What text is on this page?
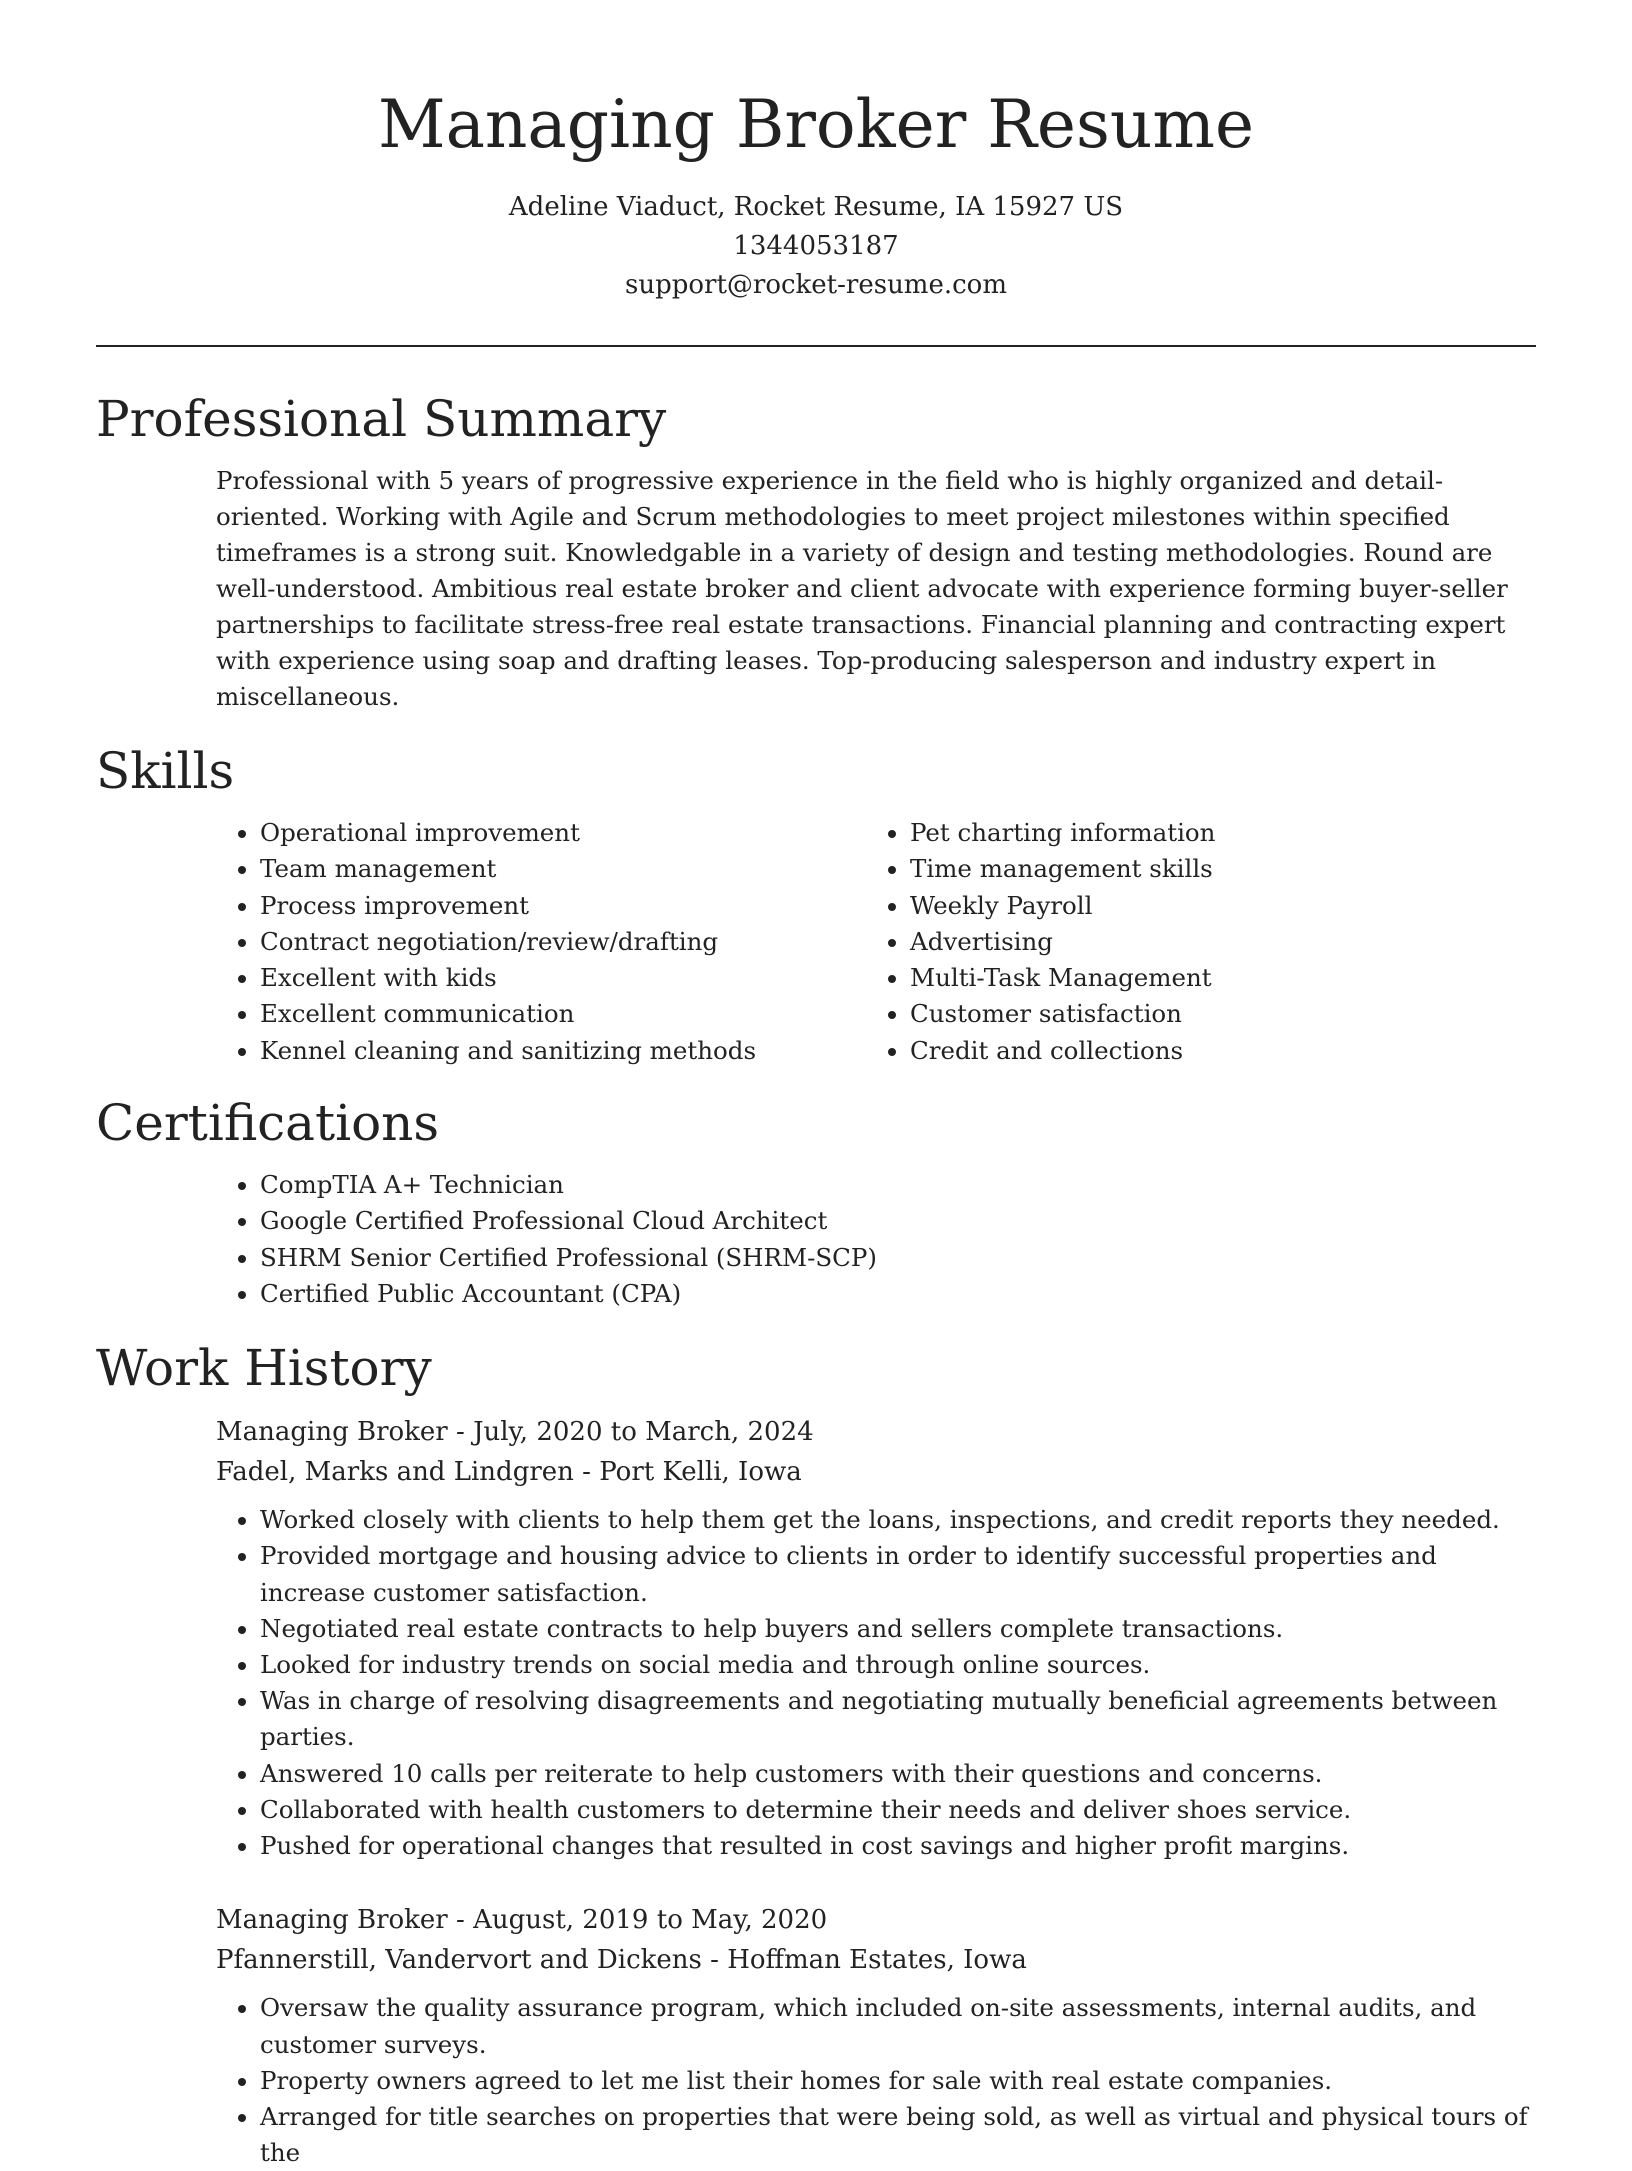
Managing Broker Resume
Adeline Viaduct, Rocket Resume, IA 15927 US
1344053187
support@rocket-resume.com
Professional Summary

Professional with 5 years of progressive experience in the field who is highly organized and detail-oriented. Working with Agile and Scrum methodologies to meet project milestones within specified timeframes is a strong suit. Knowledgable in a variety of design and testing methodologies. Round are well-understood. Ambitious real estate broker and client advocate with experience forming buyer-seller partnerships to facilitate stress-free real estate transactions. Financial planning and contracting expert with experience using soap and drafting leases. Top-producing salesperson and industry expert in miscellaneous.

Skills
• Operational improvement
• Team management
• Process improvement
• Contract negotiation/review/drafting
• Excellent with kids
• Excellent communication
• Kennel cleaning and sanitizing methods
• Pet charting information
• Time management skills
• Weekly Payroll
• Advertising
• Multi-Task Management
• Customer satisfaction
• Credit and collections
Certifications
• CompTIA A+ Technician
• Google Certified Professional Cloud Architect
• SHRM Senior Certified Professional (SHRM-SCP)
• Certified Public Accountant (CPA)
Work History
Managing Broker - July, 2020 to March, 2024
Fadel, Marks and Lindgren - Port Kelli, Iowa
• Worked closely with clients to help them get the loans, inspections, and credit reports they needed.
• Provided mortgage and housing advice to clients in order to identify successful properties and increase customer satisfaction.
• Negotiated real estate contracts to help buyers and sellers complete transactions.
• Looked for industry trends on social media and through online sources.
• Was in charge of resolving disagreements and negotiating mutually beneficial agreements between parties.
• Answered 10 calls per reiterate to help customers with their questions and concerns.
• Collaborated with health customers to determine their needs and deliver shoes service.
• Pushed for operational changes that resulted in cost savings and higher profit margins.
Managing Broker - August, 2019 to May, 2020
Pfannerstill, Vandervort and Dickens - Hoffman Estates, Iowa
• Oversaw the quality assurance program, which included on-site assessments, internal audits, and customer surveys.
• Property owners agreed to let me list their homes for sale with real estate companies.
• Arranged for title searches on properties that were being sold, as well as virtual and physical tours of the
